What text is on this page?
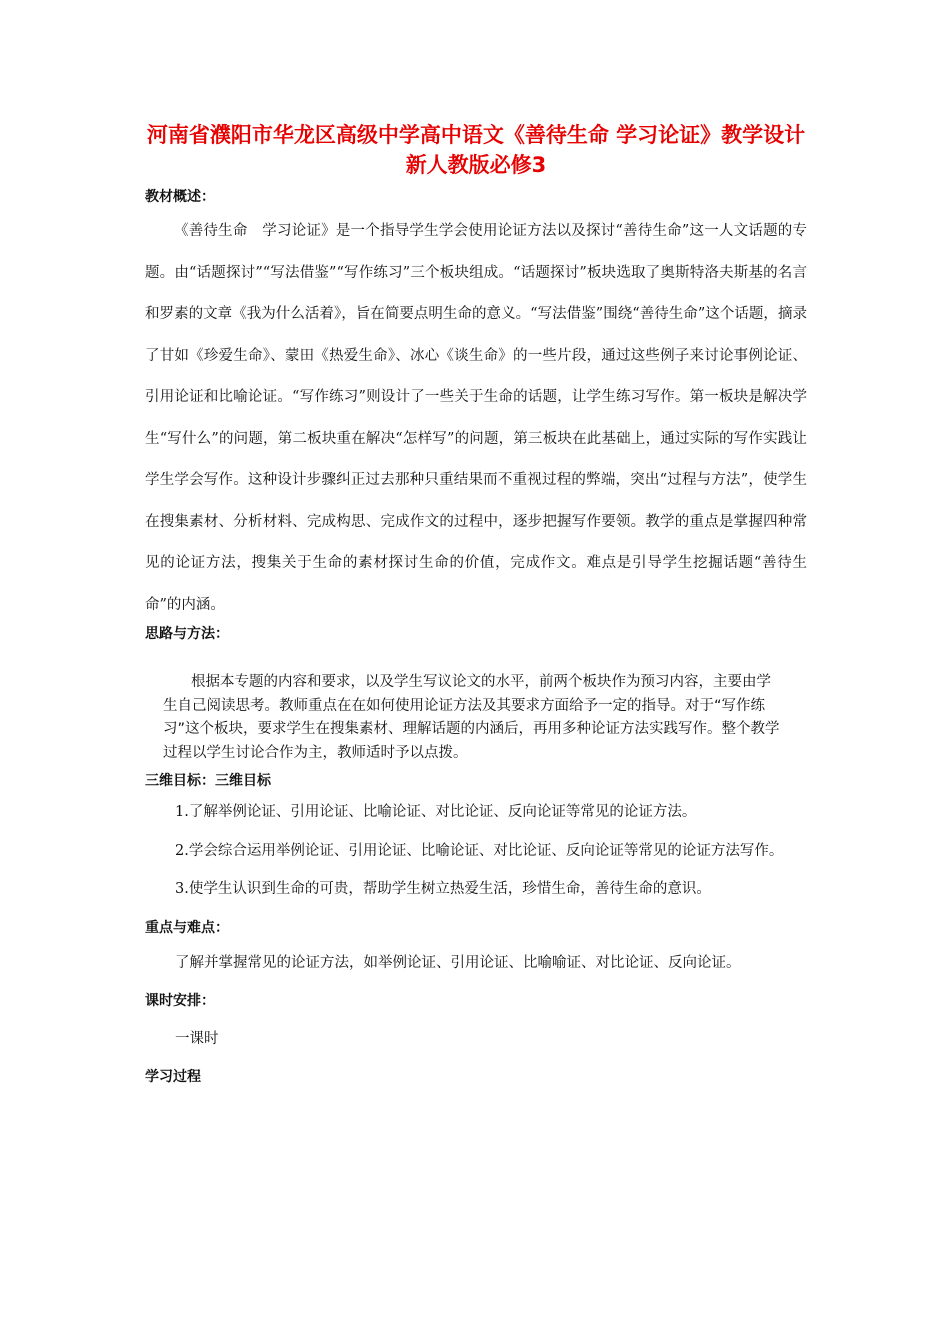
河南省濮阳市华龙区高级中学高中语文《善待生命 学习论证》教学设计 新人教版必修3
教材概述：

《善待生命　学习论证》是一个指导学生学会使用论证方法以及探讨“善待生命”这一人文话题的专题。由“话题探讨”“写法借鉴”“写作练习”三个板块组成。“话题探讨”板块选取了奥斯特洛夫斯基的名言和罗素的文章《我为什么活着》，旨在简要点明生命的意义。“写法借鉴”围绕“善待生命”这个话题，摘录了甘如《珍爱生命》、蒙田《热爱生命》、冰心《谈生命》的一些片段，通过这些例子来讨论事例论证、引用论证和比喻论证。“写作练习”则设计了一些关于生命的话题，让学生练习写作。第一板块是解决学生“写什么”的问题，第二板块重在解决“怎样写”的问题，第三板块在此基础上，通过实际的写作实践让学生学会写作。这种设计步骤纠正过去那种只重结果而不重视过程的弊端，突出“过程与方法”，使学生在搜集素材、分析材料、完成构思、完成作文的过程中，逐步把握写作要领。教学的重点是掌握四种常见的论证方法，搜集关于生命的素材探讨生命的价值，完成作文。难点是引导学生挖掘话题“善待生命”的内涵。

思路与方法：

根据本专题的内容和要求，以及学生写议论文的水平，前两个板块作为预习内容，主要由学生自己阅读思考。教师重点在在如何使用论证方法及其要求方面给予一定的指导。对于“写作练习”这个板块，要求学生在搜集素材、理解话题的内涵后，再用多种论证方法实践写作。整个教学过程以学生讨论合作为主，教师适时予以点拨。

三维目标：三维目标

1.了解举例论证、引用论证、比喻论证、对比论证、反向论证等常见的论证方法。

2.学会综合运用举例论证、引用论证、比喻论证、对比论证、反向论证等常见的论证方法写作。

3.使学生认识到生命的可贵，帮助学生树立热爱生活，珍惜生命，善待生命的意识。

重点与难点：

了解并掌握常见的论证方法，如举例论证、引用论证、比喻喻证、对比论证、反向论证。

课时安排：

一课时

学习过程
